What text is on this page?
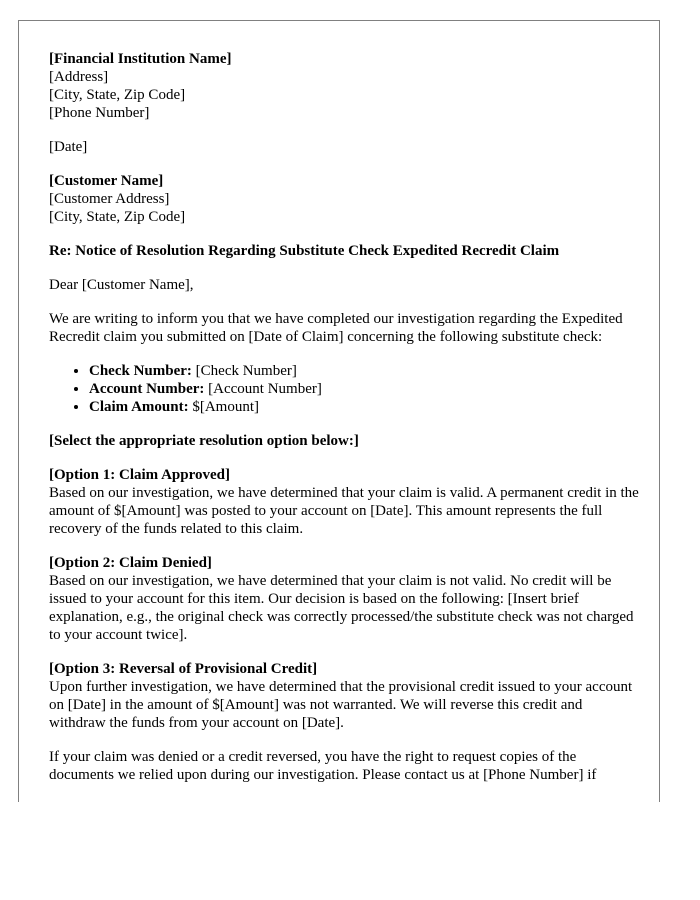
[Financial Institution Name]
[Address]
[City, State, Zip Code]
[Phone Number]
[Date]
[Customer Name]
[Customer Address]
[City, State, Zip Code]
Re: Notice of Resolution Regarding Substitute Check Expedited Recredit Claim

Dear [Customer Name],

We are writing to inform you that we have completed our investigation regarding the Expedited Recredit claim you submitted on [Date of Claim] concerning the following substitute check:

• Check Number: [Check Number]
• Account Number: [Account Number]
• Claim Amount: $[Amount]
[Select the appropriate resolution option below:]
[Option 1: Claim Approved]
Based on our investigation, we have determined that your claim is valid. A permanent credit in the amount of $[Amount] was posted to your account on [Date]. This amount represents the full recovery of the funds related to this claim.
[Option 2: Claim Denied]
Based on our investigation, we have determined that your claim is not valid. No credit will be issued to your account for this item. Our decision is based on the following: [Insert brief explanation, e.g., the original check was correctly processed/the substitute check was not charged to your account twice].
[Option 3: Reversal of Provisional Credit]
Upon further investigation, we have determined that the provisional credit issued to your account on [Date] in the amount of $[Amount] was not warranted. We will reverse this credit and withdraw the funds from your account on [Date].

If your claim was denied or a credit reversed, you have the right to request copies of the documents we relied upon during our investigation. Please contact us at [Phone Number] if
